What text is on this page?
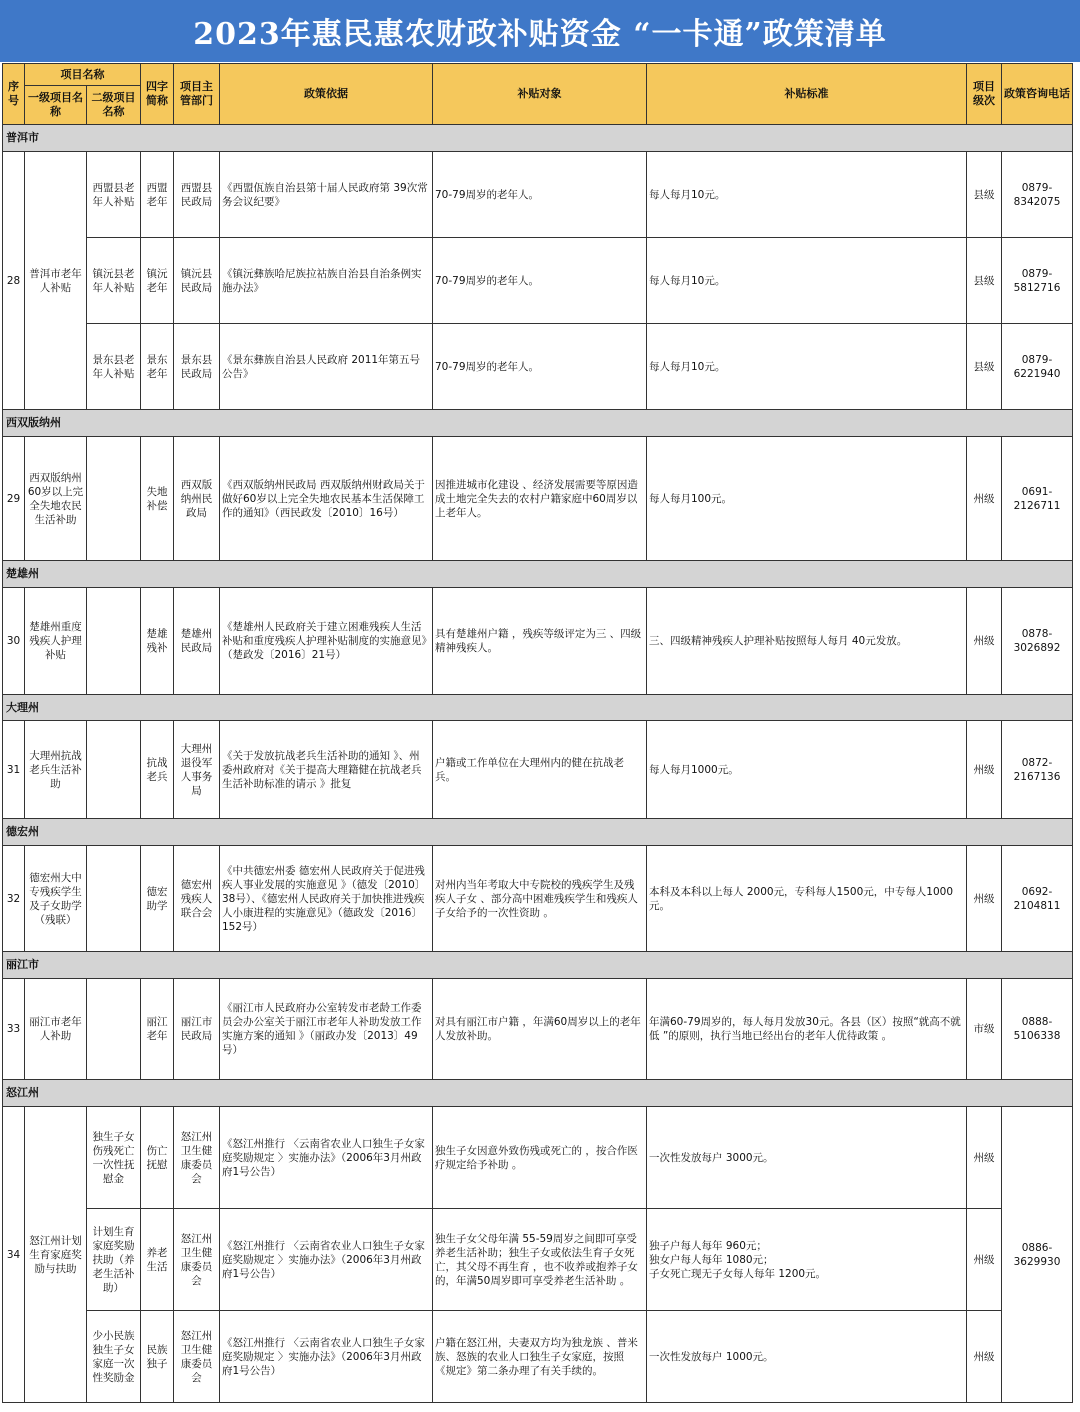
2023年惠民惠农财政补贴资金 “一卡通”政策清单
序号	项目名称		四字简称	项目主管部门	政策依据	补贴对象	补贴标准	项目级次	政策咨询电话
	一级项目名称	二级项目名称							
普洱市									
28	普洱市老年人补贴	西盟县老年人补贴	西盟老年	西盟县民政局	《西盟佤族自治县第十届人民政府第 39次常务会议纪要》	70-79周岁的老年人。	每人每月10元。	县级	0879-8342075
		镇沅县老年人补贴	镇沅老年	镇沅县民政局	《镇沅彝族哈尼族拉祜族自治县自治条例实施办法》	70-79周岁的老年人。	每人每月10元。	县级	0879-5812716
		景东县老年人补贴	景东老年	景东县民政局	《景东彝族自治县人民政府 2011年第五号公告》	70-79周岁的老年人。	每人每月10元。	县级	0879-6221940
西双版纳州									
29	西双版纳州60岁以上完全失地农民生活补助		失地补偿	西双版纳州民政局	《西双版纳州民政局 西双版纳州财政局关于做好60岁以上完全失地农民基本生活保障工作的通知》（西民政发〔2010〕16号）	因推进城市化建设 、经济发展需要等原因造成土地完全失去的农村户籍家庭中60周岁以上老年人。	每人每月100元。	州级	0691-2126711
楚雄州									
30	楚雄州重度残疾人护理补贴		楚雄残补	楚雄州民政局	《楚雄州人民政府关于建立困难残疾人生活补贴和重度残疾人护理补贴制度的实施意见》（楚政发〔2016〕21号）	具有楚雄州户籍 ，残疾等级评定为三 、四级精神残疾人。	三、四级精神残疾人护理补贴按照每人每月 40元发放。	州级	0878-3026892
大理州									
31	大理州抗战老兵生活补助		抗战老兵	大理州退役军人事务局	《关于发放抗战老兵生活补助的通知 》、州委州政府对《关于提高大理籍健在抗战老兵生活补助标准的请示 》批复	户籍或工作单位在大理州内的健在抗战老兵。	每人每月1000元。	州级	0872-2167136
德宏州									
32	德宏州大中专残疾学生及子女助学（残联）		德宏助学	德宏州残疾人联合会	《中共德宏州委 德宏州人民政府关于促进残疾人事业发展的实施意见 》（德发〔2010〕38号）、《德宏州人民政府关于加快推进残疾人小康进程的实施意见》（德政发〔2016〕152号）	对州内当年考取大中专院校的残疾学生及残疾人子女 、部分高中困难残疾学生和残疾人子女给予的一次性资助 。	本科及本科以上每人 2000元，专科每人1500元，中专每人1000元。	州级	0692-2104811
丽江市									
33	丽江市老年人补助		丽江老年	丽江市民政局	《丽江市人民政府办公室转发市老龄工作委员会办公室关于丽江市老年人补助发放工作实施方案的通知 》（丽政办发〔2013〕49号）	对具有丽江市户籍 ，年满60周岁以上的老年人发放补助。	年满60-79周岁的，每人每月发放30元。各县（区）按照“就高不就低 ”的原则，执行当地已经出台的老年人优待政策 。	市级	0888-5106338
怒江州									
34	怒江州计划生育家庭奖励与扶助	独生子女伤残死亡一次性抚慰金	伤亡抚慰	怒江州卫生健康委员会	《怒江州推行 〈云南省农业人口独生子女家庭奖励规定 〉实施办法》（2006年3月州政府1号公告）	独生子女因意外致伤残或死亡的 ，按合作医疗规定给予补助 。	一次性发放每户 3000元。	州级	0886-3629930
		计划生育家庭奖励扶助（养老生活补助）	养老生活	怒江州卫生健康委员会	《怒江州推行 〈云南省农业人口独生子女家庭奖励规定 〉实施办法》（2006年3月州政府1号公告）	独生子女父母年满 55-59周岁之间即可享受养老生活补助；独生子女或依法生育子女死亡，其父母不再生育 ，也不收养或抱养子女的，年满50周岁即可享受养老生活补助 。	独子户每人每年 960元；
独女户每人每年 1080元；
子女死亡现无子女每人每年 1200元。	州级	
		少小民族独生子女家庭一次性奖励金	民族独子	怒江州卫生健康委员会	《怒江州推行 〈云南省农业人口独生子女家庭奖励规定 〉实施办法》（2006年3月州政府1号公告）	户籍在怒江州，夫妻双方均为独龙族 、普米族、怒族的农业人口独生子女家庭，按照《规定》第二条办理了有关手续的。	一次性发放每户 1000元。	州级	
